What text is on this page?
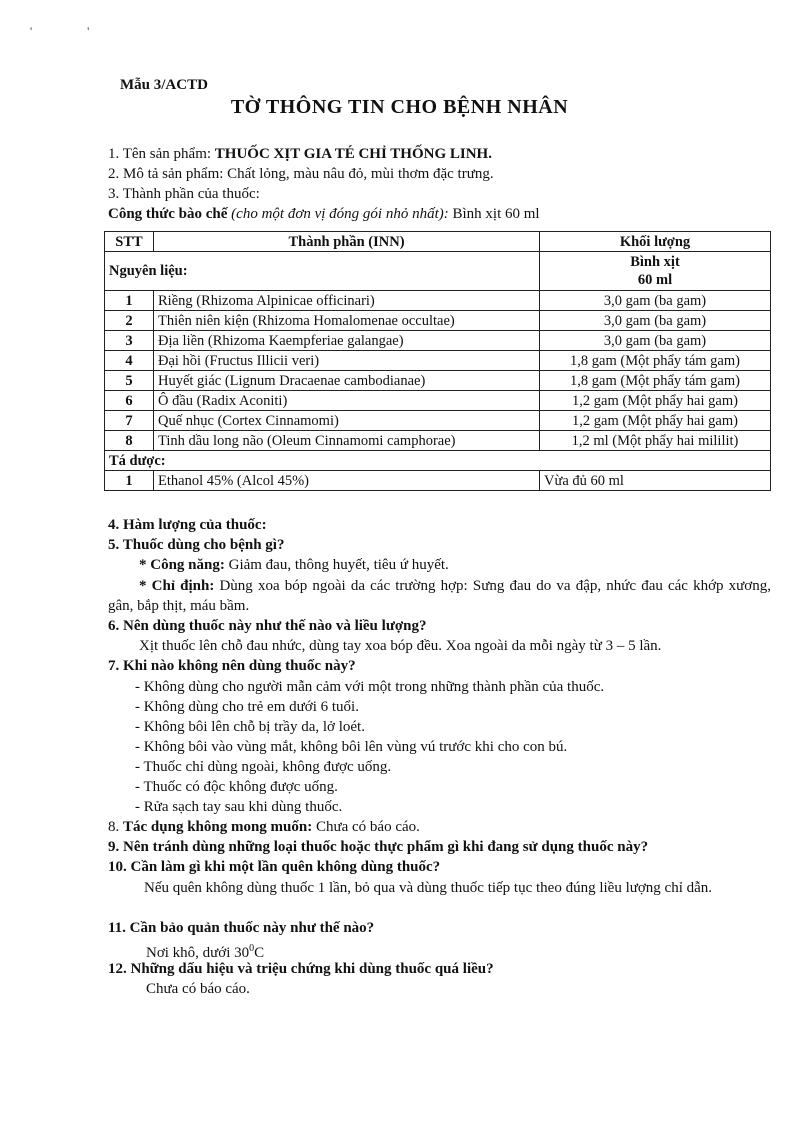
' '
Mẫu 3/ACTD
TỜ THÔNG TIN CHO BỆNH NHÂN
1. Tên sản phẩm: THUỐC XỊT GIA TÉ CHỈ THỐNG LINH.
2. Mô tả sản phẩm: Chất lỏng, màu nâu đỏ, mùi thơm đặc trưng.
3. Thành phần của thuốc:
Công thức bào chế (cho một đơn vị đóng gói nhỏ nhất): Bình xịt 60 ml
STT	Thành phần (INN)	Khối lượng
Nguyên liệu:		Bình xịt
60 ml

1	Riềng (Rhizoma Alpinicae officinari)	3,0 gam (ba gam)
2	Thiên niên kiện (Rhizoma Homalomenae occultae)	3,0 gam (ba gam)
3	Địa liền (Rhizoma Kaempferiae galangae)	3,0 gam (ba gam)
4	Đại hồi (Fructus Illicii veri)	1,8 gam (Một phẩy tám gam)
5	Huyết giác (Lignum Dracaenae cambodianae)	1,8 gam (Một phẩy tám gam)
6	Ô đầu (Radix Aconiti)	1,2 gam (Một phẩy hai gam)
7	Quế nhục (Cortex Cinnamomi)	1,2 gam (Một phẩy hai gam)
8	Tinh dầu long não (Oleum Cinnamomi camphorae)	1,2 ml (Một phẩy hai mililit)
Tá dược:		
1	Ethanol 45% (Alcol 45%)	Vừa đủ 60 ml
4. Hàm lượng của thuốc:
5. Thuốc dùng cho bệnh gì?
* Công năng: Giảm đau, thông huyết, tiêu ứ huyết.
* Chỉ định: Dùng xoa bóp ngoài da các trường hợp: Sưng đau do va đập, nhức đau các khớp xương, gân, bắp thịt, máu bầm.
6. Nên dùng thuốc này như thế nào và liều lượng?
Xịt thuốc lên chỗ đau nhức, dùng tay xoa bóp đều. Xoa ngoài da mỗi ngày từ 3 – 5 lần.
7. Khi nào không nên dùng thuốc này?
- Không dùng cho người mẫn cảm với một trong những thành phần của thuốc.
- Không dùng cho trẻ em dưới 6 tuổi.
- Không bôi lên chỗ bị trầy da, lở loét.
- Không bôi vào vùng mắt, không bôi lên vùng vú trước khi cho con bú.
- Thuốc chỉ dùng ngoài, không được uống.
- Thuốc có độc không được uống.
- Rửa sạch tay sau khi dùng thuốc.
8. Tác dụng không mong muốn: Chưa có báo cáo.
9. Nên tránh dùng những loại thuốc hoặc thực phẩm gì khi đang sử dụng thuốc này?
10. Cần làm gì khi một lần quên không dùng thuốc?
Nếu quên không dùng thuốc 1 lần, bỏ qua và dùng thuốc tiếp tục theo đúng liều lượng chỉ dẫn.
11. Cần bảo quản thuốc này như thế nào?
Nơi khô, dưới $30^0C$
12. Những dấu hiệu và triệu chứng khi dùng thuốc quá liều?
Chưa có báo cáo.
